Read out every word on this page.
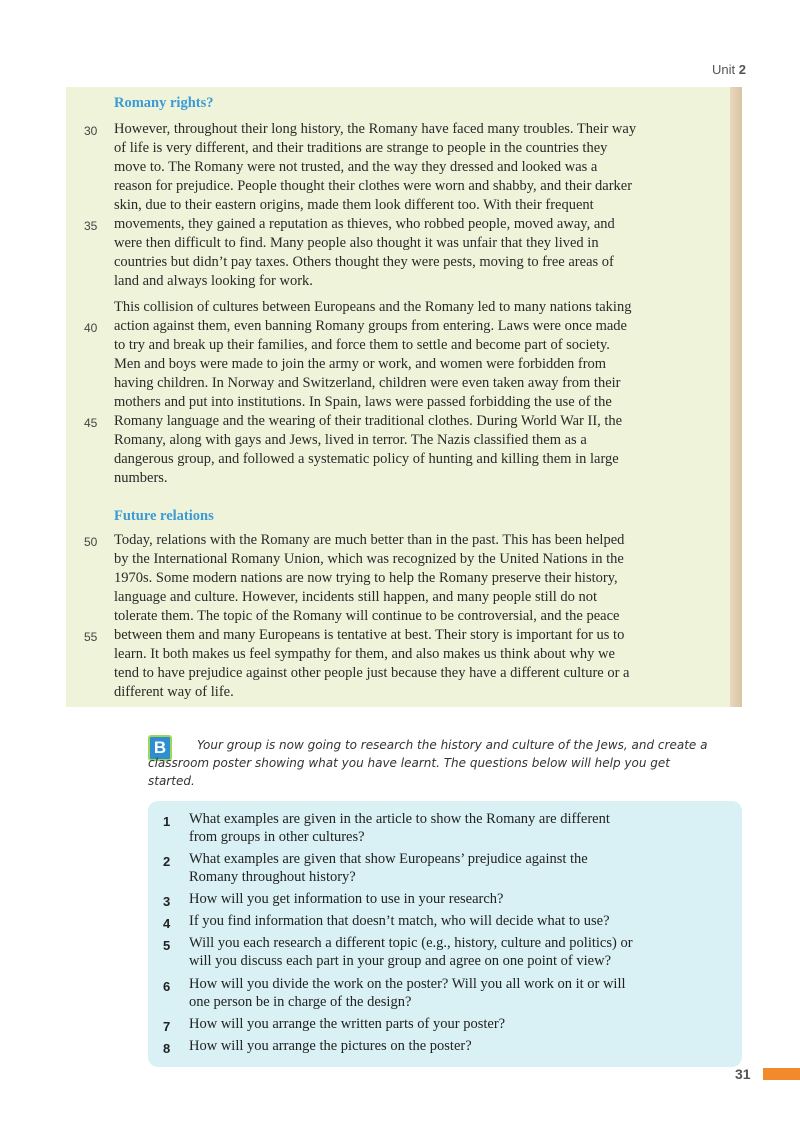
Unit 2
Romany rights?
However, throughout their long history, the Romany have faced many troubles. Their way
of life is very different, and their traditions are strange to people in the countries they
move to. The Romany were not trusted, and the way they dressed and looked was a
reason for prejudice. People thought their clothes were worn and shabby, and their darker
skin, due to their eastern origins, made them look different too. With their frequent
movements, they gained a reputation as thieves, who robbed people, moved away, and
were then difficult to find. Many people also thought it was unfair that they lived in
countries but didn’t pay taxes. Others thought they were pests, moving to free areas of
land and always looking for work.
This collision of cultures between Europeans and the Romany led to many nations taking
action against them, even banning Romany groups from entering. Laws were once made
to try and break up their families, and force them to settle and become part of society.
Men and boys were made to join the army or work, and women were forbidden from
having children. In Norway and Switzerland, children were even taken away from their
mothers and put into institutions. In Spain, laws were passed forbidding the use of the
Romany language and the wearing of their traditional clothes. During World War II, the
Romany, along with gays and Jews, lived in terror. The Nazis classified them as a
dangerous group, and followed a systematic policy of hunting and killing them in large
numbers.
Future relations
Today, relations with the Romany are much better than in the past. This has been helped
by the International Romany Union, which was recognized by the United Nations in the
1970s. Some modern nations are now trying to help the Romany preserve their history,
language and culture. However, incidents still happen, and many people still do not
tolerate them. The topic of the Romany will continue to be controversial, and the peace
between them and many Europeans is tentative at best. Their story is important for us to
learn. It both makes us feel sympathy for them, and also makes us think about why we
tend to have prejudice against other people just because they have a different culture or a
different way of life.
30
35
40
45
50
55
B	Your group is now going to research the history and culture of the Jews, and create a
classroom poster showing what you have learnt. The questions below will help you get
started.
1 What examples are given in the article to show the Romany are different
from groups in other cultures?
2 What examples are given that show Europeans’ prejudice against the
Romany throughout history?
3 How will you get information to use in your research?
4 If you find information that doesn’t match, who will decide what to use?
5 Will you each research a different topic (e.g., history, culture and politics) or
will you discuss each part in your group and agree on one point of view?
6 How will you divide the work on the poster? Will you all work on it or will
one person be in charge of the design?
7 How will you arrange the written parts of your poster?
8 How will you arrange the pictures on the poster?
31
